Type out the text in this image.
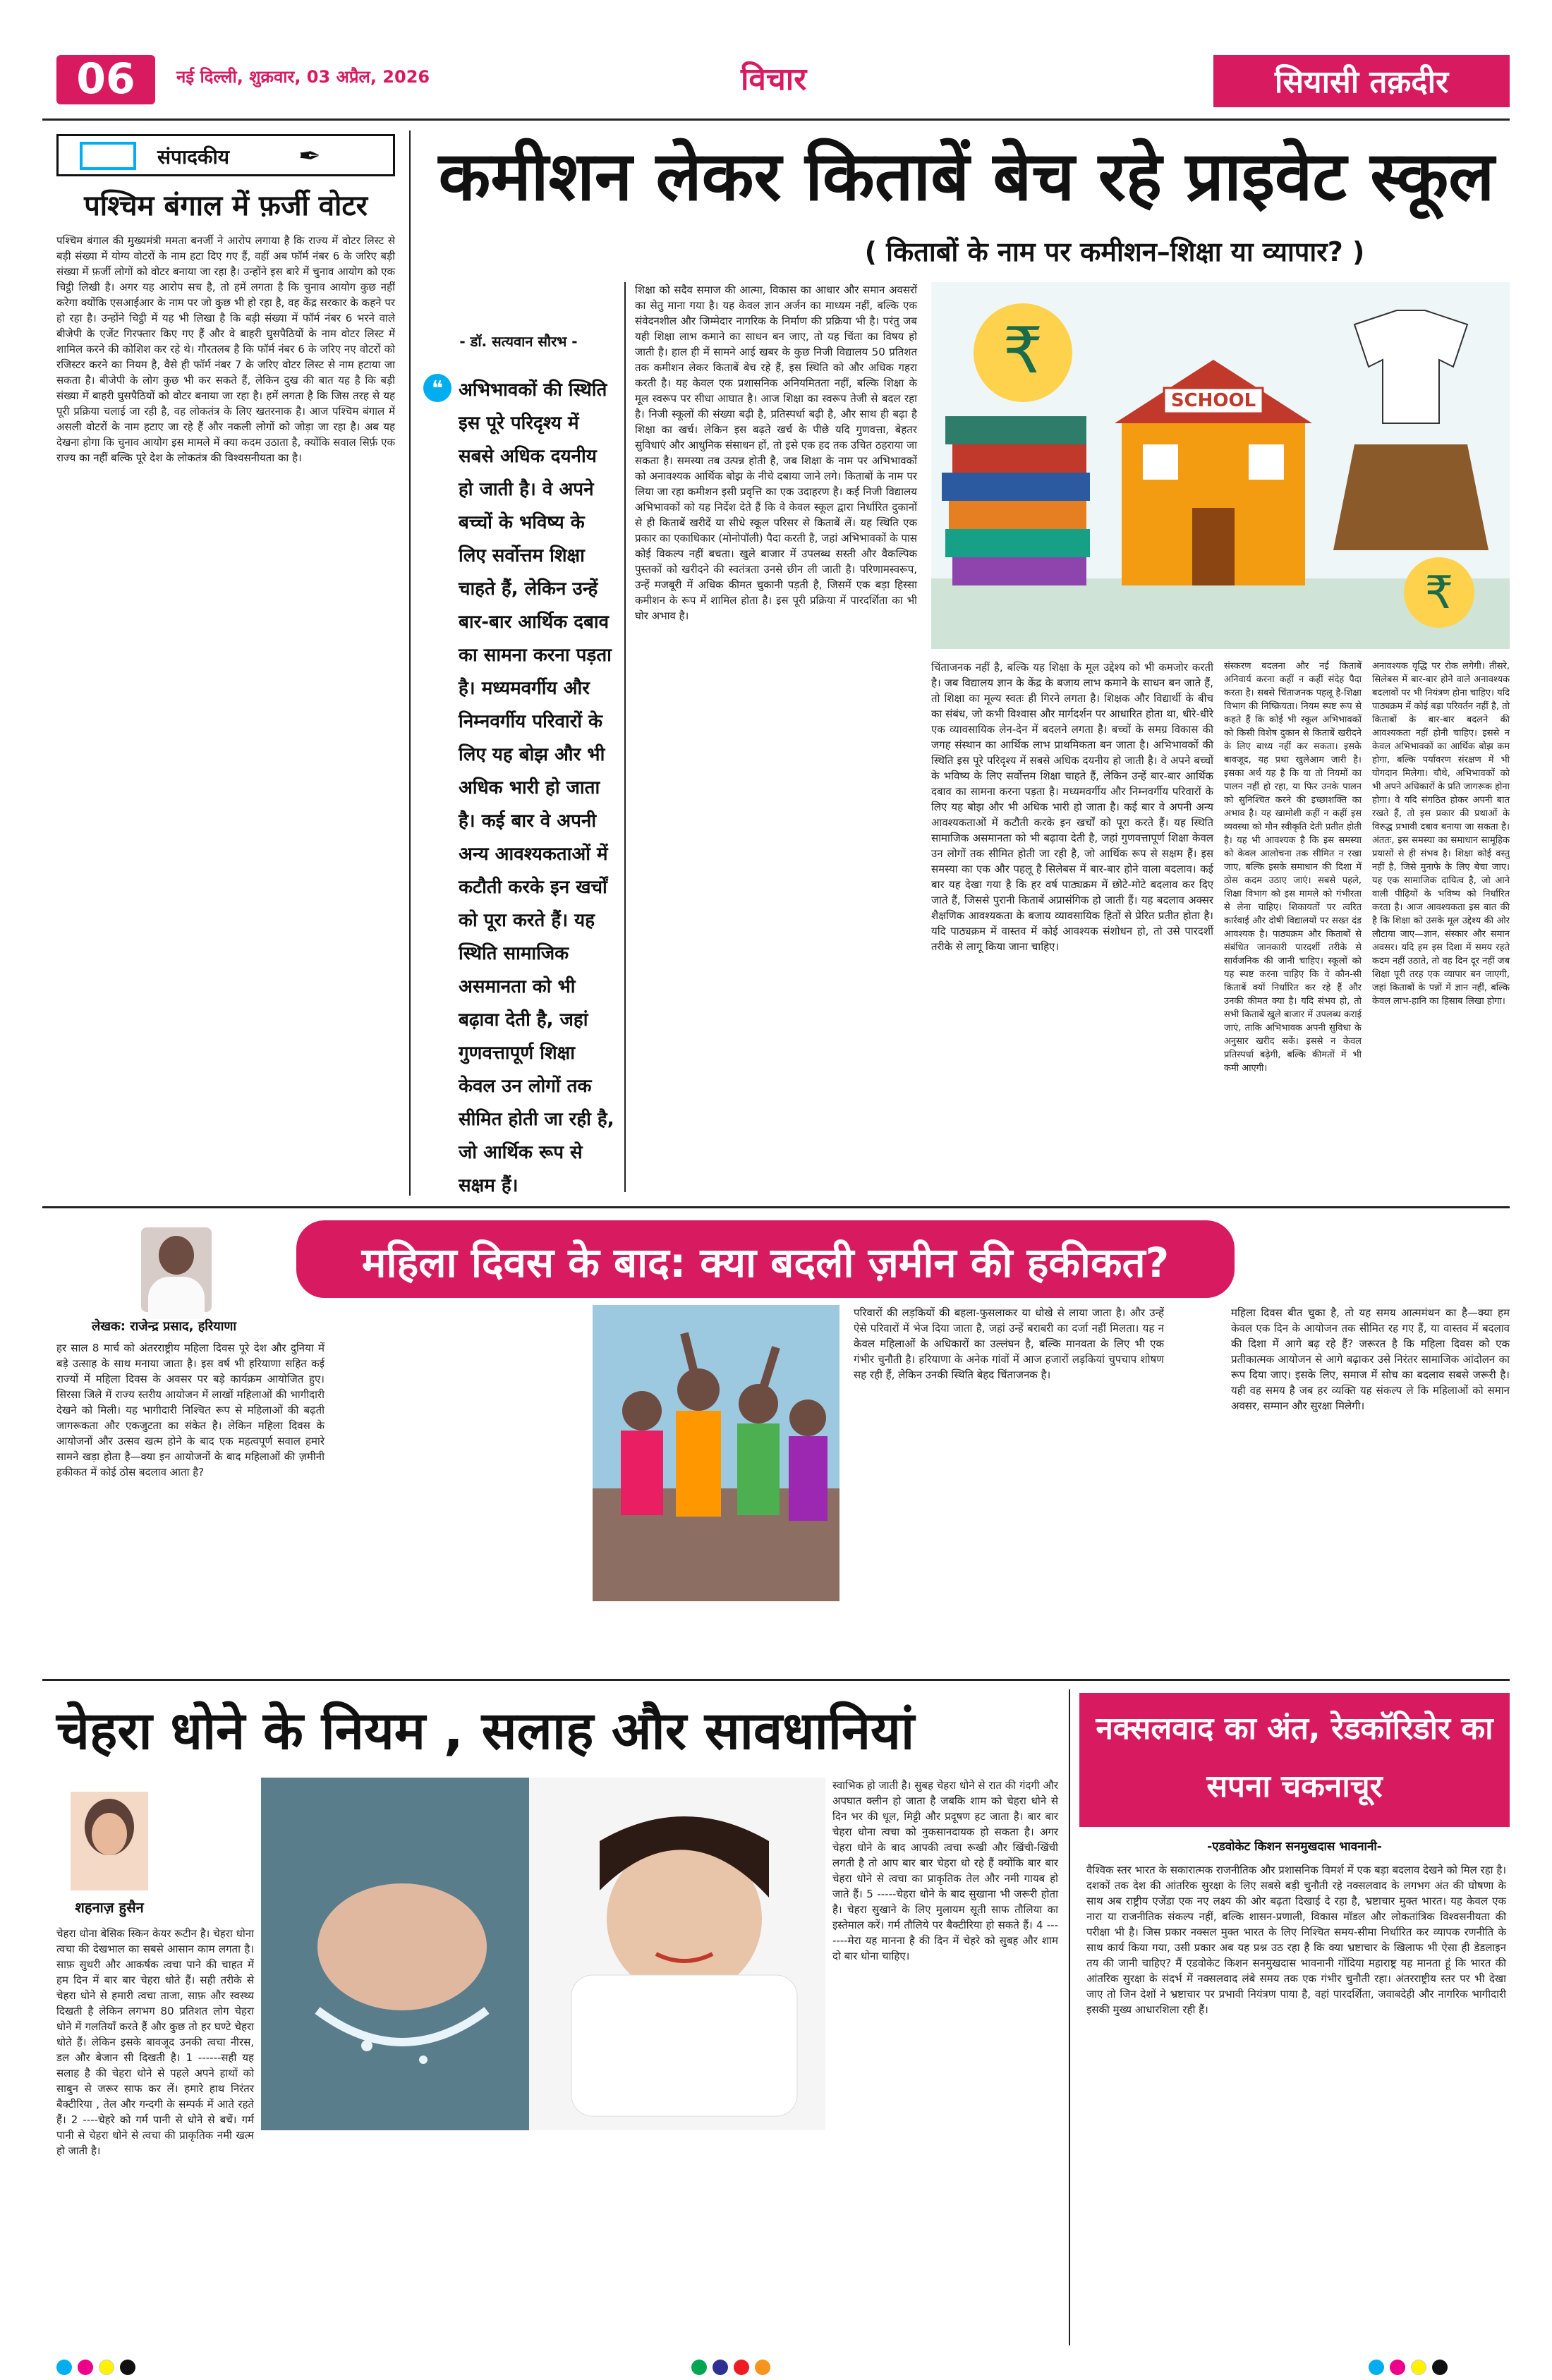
06	नई दिल्ली, शुक्रवार, 03 अप्रैल, 2026	विचार	सियासी तक़दीर
संपादकीय	✒
पश्चिम बंगाल में फ़र्जी वोटर
पश्चिम बंगाल की मुख्यमंत्री ममता बनर्जी ने आरोप लगाया है कि राज्य में वोटर लिस्ट से बड़ी संख्या में योग्य वोटरों के नाम हटा दिए गए हैं, वहीं अब फॉर्म नंबर 6 के जरिए बड़ी संख्या में फ़र्जी लोगों को वोटर बनाया जा रहा है। उन्होंने इस बारे में चुनाव आयोग को एक चिट्ठी लिखी है। अगर यह आरोप सच है, तो हमें लगता है कि चुनाव आयोग कुछ नहीं करेगा क्योंकि एसआईआर के नाम पर जो कुछ भी हो रहा है, वह केंद्र सरकार के कहने पर हो रहा है। उन्होंने चिट्ठी में यह भी लिखा है कि बड़ी संख्या में फॉर्म नंबर 6 भरने वाले बीजेपी के एजेंट गिरफ्तार किए गए हैं और वे बाहरी घुसपैठियों के नाम वोटर लिस्ट में शामिल करने की कोशिश कर रहे थे। गौरतलब है कि फॉर्म नंबर 6 के जरिए नए वोटरों को रजिस्टर करने का नियम है, वैसे ही फॉर्म नंबर 7 के जरिए वोटर लिस्ट से नाम हटाया जा सकता है। बीजेपी के लोग कुछ भी कर सकते हैं, लेकिन दुख की बात यह है कि बड़ी संख्या में बाहरी घुसपैठियों को वोटर बनाया जा रहा है। हमें लगता है कि जिस तरह से यह पूरी प्रक्रिया चलाई जा रही है, वह लोकतंत्र के लिए खतरनाक है। आज पश्चिम बंगाल में असली वोटरों के नाम हटाए जा रहे हैं और नकली लोगों को जोड़ा जा रहा है। अब यह देखना होगा कि चुनाव आयोग इस मामले में क्या कदम उठाता है, क्योंकि सवाल सिर्फ़ एक राज्य का नहीं बल्कि पूरे देश के लोकतंत्र की विश्वसनीयता का है।
कमीशन लेकर किताबें बेच रहे प्राइवेट स्कूल
( किताबों के नाम पर कमीशन–शिक्षा या व्यापार? )
- डॉ. सत्यवान सौरभ -
❝ अभिभावकों की स्थिति इस पूरे परिदृश्य में सबसे अधिक दयनीय हो जाती है। वे अपने बच्चों के भविष्य के लिए सर्वोत्तम शिक्षा चाहते हैं, लेकिन उन्हें बार-बार आर्थिक दबाव का सामना करना पड़ता है। मध्यमवर्गीय और निम्नवर्गीय परिवारों के लिए यह बोझ और भी अधिक भारी हो जाता है। कई बार वे अपनी अन्य आवश्यकताओं में कटौती करके इन खर्चों को पूरा करते हैं। यह स्थिति सामाजिक असमानता को भी बढ़ावा देती है, जहां गुणवत्तापूर्ण शिक्षा केवल उन लोगों तक सीमित होती जा रही है, जो आर्थिक रूप से सक्षम हैं।
शिक्षा को सदैव समाज की आत्मा, विकास का आधार और समान अवसरों का सेतु माना गया है। यह केवल ज्ञान अर्जन का माध्यम नहीं, बल्कि एक संवेदनशील और जिम्मेदार नागरिक के निर्माण की प्रक्रिया भी है। परंतु जब यही शिक्षा लाभ कमाने का साधन बन जाए, तो यह चिंता का विषय हो जाती है। हाल ही में सामने आई खबर के कुछ निजी विद्यालय 50 प्रतिशत तक कमीशन लेकर किताबें बेच रहे हैं, इस स्थिति को और अधिक गहरा करती है। यह केवल एक प्रशासनिक अनियमितता नहीं, बल्कि शिक्षा के मूल स्वरूप पर सीधा आघात है। आज शिक्षा का स्वरूप तेजी से बदल रहा है। निजी स्कूलों की संख्या बढ़ी है, प्रतिस्पर्धा बढ़ी है, और साथ ही बढ़ा है शिक्षा का खर्च। लेकिन इस बढ़ते खर्च के पीछे यदि गुणवत्ता, बेहतर सुविधाएं और आधुनिक संसाधन हों, तो इसे एक हद तक उचित ठहराया जा सकता है। समस्या तब उत्पन्न होती है, जब शिक्षा के नाम पर अभिभावकों को अनावश्यक आर्थिक बोझ के नीचे दबाया जाने लगे। किताबों के नाम पर लिया जा रहा कमीशन इसी प्रवृत्ति का एक उदाहरण है। कई निजी विद्यालय अभिभावकों को यह निर्देश देते हैं कि वे केवल स्कूल द्वारा निर्धारित दुकानों से ही किताबें खरीदें या सीधे स्कूल परिसर से किताबें लें। यह स्थिति एक प्रकार का एकाधिकार (मोनोपॉली) पैदा करती है, जहां अभिभावकों के पास कोई विकल्प नहीं बचता। खुले बाजार में उपलब्ध सस्ती और वैकल्पिक पुस्तकों को खरीदने की स्वतंत्रता उनसे छीन ली जाती है। परिणामस्वरूप, उन्हें मजबूरी में अधिक कीमत चुकानी पड़ती है, जिसमें एक बड़ा हिस्सा कमीशन के रूप में शामिल होता है। इस पूरी प्रक्रिया में पारदर्शिता का भी घोर अभाव है।
₹
SCHOOL
₹
चिंताजनक नहीं है, बल्कि यह शिक्षा के मूल उद्देश्य को भी कमजोर करती है। जब विद्यालय ज्ञान के केंद्र के बजाय लाभ कमाने के साधन बन जाते हैं, तो शिक्षा का मूल्य स्वतः ही गिरने लगता है। शिक्षक और विद्यार्थी के बीच का संबंध, जो कभी विश्वास और मार्गदर्शन पर आधारित होता था, धीरे-धीरे एक व्यावसायिक लेन-देन में बदलने लगता है। बच्चों के समग्र विकास की जगह संस्थान का आर्थिक लाभ प्राथमिकता बन जाता है। अभिभावकों की स्थिति इस पूरे परिदृश्य में सबसे अधिक दयनीय हो जाती है। वे अपने बच्चों के भविष्य के लिए सर्वोत्तम शिक्षा चाहते हैं, लेकिन उन्हें बार-बार आर्थिक दबाव का सामना करना पड़ता है। मध्यमवर्गीय और निम्नवर्गीय परिवारों के लिए यह बोझ और भी अधिक भारी हो जाता है। कई बार वे अपनी अन्य आवश्यकताओं में कटौती करके इन खर्चों को पूरा करते हैं। यह स्थिति सामाजिक असमानता को भी बढ़ावा देती है, जहां गुणवत्तापूर्ण शिक्षा केवल उन लोगों तक सीमित होती जा रही है, जो आर्थिक रूप से सक्षम हैं। इस समस्या का एक और पहलू है सिलेबस में बार-बार होने वाला बदलाव। कई बार यह देखा गया है कि हर वर्ष पाठ्यक्रम में छोटे-मोटे बदलाव कर दिए जाते हैं, जिससे पुरानी किताबें अप्रासंगिक हो जाती हैं। यह बदलाव अक्सर शैक्षणिक आवश्यकता के बजाय व्यावसायिक हितों से प्रेरित प्रतीत होता है। यदि पाठ्यक्रम में वास्तव में कोई आवश्यक संशोधन हो, तो उसे पारदर्शी तरीके से लागू किया जाना चाहिए।
संस्करण बदलना और नई किताबें अनिवार्य करना कहीं न कहीं संदेह पैदा करता है। सबसे चिंताजनक पहलू है-शिक्षा विभाग की निष्क्रियता। नियम स्पष्ट रूप से कहते हैं कि कोई भी स्कूल अभिभावकों को किसी विशेष दुकान से किताबें खरीदने के लिए बाध्य नहीं कर सकता। इसके बावजूद, यह प्रथा खुलेआम जारी है। इसका अर्थ यह है कि या तो नियमों का पालन नहीं हो रहा, या फिर उनके पालन को सुनिश्चित करने की इच्छाशक्ति का अभाव है। यह खामोशी कहीं न कहीं इस व्यवस्था को मौन स्वीकृति देती प्रतीत होती है। यह भी आवश्यक है कि इस समस्या को केवल आलोचना तक सीमित न रखा जाए, बल्कि इसके समाधान की दिशा में ठोस कदम उठाए जाएं। सबसे पहले, शिक्षा विभाग को इस मामले को गंभीरता से लेना चाहिए। शिकायतों पर त्वरित कार्रवाई और दोषी विद्यालयों पर सख्त दंड आवश्यक है। पाठ्यक्रम और किताबों से संबंधित जानकारी पारदर्शी तरीके से सार्वजनिक की जानी चाहिए। स्कूलों को यह स्पष्ट करना चाहिए कि वे कौन-सी किताबें क्यों निर्धारित कर रहे हैं और उनकी कीमत क्या है। यदि संभव हो, तो सभी किताबें खुले बाजार में उपलब्ध कराई जाएं, ताकि अभिभावक अपनी सुविधा के अनुसार खरीद सकें। इससे न केवल प्रतिस्पर्धा बढ़ेगी, बल्कि कीमतों में भी कमी आएगी।
अनावश्यक वृद्धि पर रोक लगेगी। तीसरे, सिलेबस में बार-बार होने वाले अनावश्यक बदलावों पर भी नियंत्रण होना चाहिए। यदि पाठ्यक्रम में कोई बड़ा परिवर्तन नहीं है, तो किताबों के बार-बार बदलने की आवश्यकता नहीं होनी चाहिए। इससे न केवल अभिभावकों का आर्थिक बोझ कम होगा, बल्कि पर्यावरण संरक्षण में भी योगदान मिलेगा। चौथे, अभिभावकों को भी अपने अधिकारों के प्रति जागरूक होना होगा। वे यदि संगठित होकर अपनी बात रखते हैं, तो इस प्रकार की प्रथाओं के विरुद्ध प्रभावी दबाव बनाया जा सकता है। अंततः, इस समस्या का समाधान सामूहिक प्रयासों से ही संभव है। शिक्षा कोई वस्तु नहीं है, जिसे मुनाफे के लिए बेचा जाए। यह एक सामाजिक दायित्व है, जो आने वाली पीढ़ियों के भविष्य को निर्धारित करता है। आज आवश्यकता इस बात की है कि शिक्षा को उसके मूल उद्देश्य की ओर लौटाया जाए—ज्ञान, संस्कार और समान अवसर। यदि हम इस दिशा में समय रहते कदम नहीं उठाते, तो वह दिन दूर नहीं जब शिक्षा पूरी तरह एक व्यापार बन जाएगी, जहां किताबों के पन्नों में ज्ञान नहीं, बल्कि केवल लाभ-हानि का हिसाब लिखा होगा।
महिला दिवस के बाद: क्या बदली ज़मीन की हकीकत?
लेखक: राजेन्द्र प्रसाद, हरियाणा
हर साल 8 मार्च को अंतरराष्ट्रीय महिला दिवस पूरे देश और दुनिया में बड़े उत्साह के साथ मनाया जाता है। इस वर्ष भी हरियाणा सहित कई राज्यों में महिला दिवस के अवसर पर बड़े कार्यक्रम आयोजित हुए। सिरसा जिले में राज्य स्तरीय आयोजन में लाखों महिलाओं की भागीदारी देखने को मिली। यह भागीदारी निश्चित रूप से महिलाओं की बढ़ती जागरूकता और एकजुटता का संकेत है। लेकिन महिला दिवस के आयोजनों और उत्सव खत्म होने के बाद एक महत्वपूर्ण सवाल हमारे सामने खड़ा होता है—क्या इन आयोजनों के बाद महिलाओं की ज़मीनी हकीकत में कोई ठोस बदलाव आता है?
परिवारों की लड़कियों की बहला-फुसलाकर या धोखे से लाया जाता है। और उन्हें ऐसे परिवारों में भेज दिया जाता है, जहां उन्हें बराबरी का दर्जा नहीं मिलता। यह न केवल महिलाओं के अधिकारों का उल्लंघन है, बल्कि मानवता के लिए भी एक गंभीर चुनौती है। हरियाणा के अनेक गांवों में आज हजारों लड़कियां चुपचाप शोषण सह रही हैं, लेकिन उनकी स्थिति बेहद चिंताजनक है।
महिला दिवस बीत चुका है, तो यह समय आत्ममंथन का है—क्या हम केवल एक दिन के आयोजन तक सीमित रह गए हैं, या वास्तव में बदलाव की दिशा में आगे बढ़ रहे हैं? जरूरत है कि महिला दिवस को एक प्रतीकात्मक आयोजन से आगे बढ़ाकर उसे निरंतर सामाजिक आंदोलन का रूप दिया जाए। इसके लिए, समाज में सोच का बदलाव सबसे जरूरी है। यही वह समय है जब हर व्यक्ति यह संकल्प ले कि महिलाओं को समान अवसर, सम्मान और सुरक्षा मिलेगी।
चेहरा धोने के नियम , सलाह और सावधानियां
शहनाज़ हुसैन
चेहरा धोना बेसिक स्किन केयर रूटीन है। चेहरा धोना त्वचा की देखभाल का सबसे आसान काम लगता है। साफ़ सुथरी और आकर्षक त्वचा पाने की चाहत में हम दिन में बार बार चेहरा धोते हैं। सही तरीके से चेहरा धोने से हमारी त्वचा ताजा, साफ़ और स्वस्थ्य दिखती है लेकिन लगभग 80 प्रतिशत लोग चेहरा धोने में गलतियाँ करते हैं और कुछ तो हर घण्टे चेहरा धोते हैं। लेकिन इसके बावजूद उनकी त्वचा नीरस, डल और बेजान सी दिखती है। 1 ------सही यह सलाह है की चेहरा धोने से पहले अपने हाथों को साबुन से जरूर साफ कर लें। हमारे हाथ निरंतर बैक्टीरिया , तेल और गन्दगी के सम्पर्क में आते रहते हैं। 2 ----चेहरे को गर्म पानी से धोने से बचें। गर्म पानी से चेहरा धोने से त्वचा की प्राकृतिक नमी खत्म हो जाती है।
स्वाभिक हो जाती है। सुबह चेहरा धोने से रात की गंदगी और अपघात क्लीन हो जाता है जबकि शाम को चेहरा धोने से दिन भर की धूल, मिट्टी और प्रदूषण हट जाता है। बार बार चेहरा धोना त्वचा को नुकसानदायक हो सकता है। अगर चेहरा धोने के बाद आपकी त्वचा रूखी और खिंची-खिंची लगती है तो आप बार बार चेहरा धो रहे हैं क्योंकि बार बार चेहरा धोने से त्वचा का प्राकृतिक तेल और नमी गायब हो जाते हैं। 5 -----चेहरा धोने के बाद सुखाना भी जरूरी होता है। चेहरा सुखाने के लिए मुलायम सूती साफ तौलिया का इस्तेमाल करें। गर्म तौलिये पर बैक्टीरिया हो सकते हैं। 4 -------मेरा यह मानना है की दिन में चेहरे को सुबह और शाम दो बार धोना चाहिए।
नक्सलवाद का अंत, रेडकॉरिडोर का सपना चकनाचूर
-एडवोकेट किशन सनमुखदास भावनानी-
वैश्विक स्तर भारत के सकारात्मक राजनीतिक और प्रशासनिक विमर्श में एक बड़ा बदलाव देखने को मिल रहा है। दशकों तक देश की आंतरिक सुरक्षा के लिए सबसे बड़ी चुनौती रहे नक्सलवाद के लगभग अंत की घोषणा के साथ अब राष्ट्रीय एजेंडा एक नए लक्ष्य की ओर बढ़ता दिखाई दे रहा है, भ्रष्टाचार मुक्त भारत। यह केवल एक नारा या राजनीतिक संकल्प नहीं, बल्कि शासन-प्रणाली, विकास मॉडल और लोकतांत्रिक विश्वसनीयता की परीक्षा भी है। जिस प्रकार नक्सल मुक्त भारत के लिए निश्चित समय-सीमा निर्धारित कर व्यापक रणनीति के साथ कार्य किया गया, उसी प्रकार अब यह प्रश्न उठ रहा है कि क्या भ्रष्टाचार के खिलाफ भी ऐसा ही डेडलाइन तय की जानी चाहिए? मैं एडवोकेट किशन सनमुखदास भावनानी गोंदिया महाराष्ट्र यह मानता हूं कि भारत की आंतरिक सुरक्षा के संदर्भ में नक्सलवाद लंबे समय तक एक गंभीर चुनौती रहा। अंतरराष्ट्रीय स्तर पर भी देखा जाए तो जिन देशों ने भ्रष्टाचार पर प्रभावी नियंत्रण पाया है, वहां पारदर्शिता, जवाबदेही और नागरिक भागीदारी इसकी मुख्य आधारशिला रही हैं।
